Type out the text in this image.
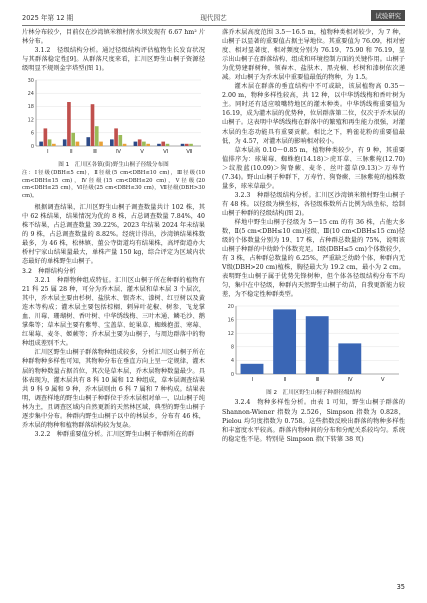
2025 年第 12 期	现代园艺	试验研究

片林分布较少，目前仅在沙湾镇米粮村南水坝发现有 6.67 hm² 片林分布。

3.1.2　径级结构分析。通过径级结构评估植物生长发育状况与其群落稳定性[9]。从群落尺度来看，汇川区野生山桐子资源径级明显不规则金字塔型(图 1)。

0
6
12
18
24
30
Ⅰ	Ⅱ	Ⅲ	Ⅳ	Ⅴ	Ⅵ	Ⅶ
图 1　汇川区各镇(街)野生山桐子径级分布图
注：Ⅰ径级(DBH≤5 cm)，Ⅱ径级(5 cm<DBH≤10 cm)，Ⅲ径级(10 cm<DBH≤15 cm)，Ⅳ径级(15 cm<DBH≤20 cm)，Ⅴ径级(20 cm<DBH≤25 cm)，Ⅵ径级(25 cm<DBH≤30 cm)，Ⅶ径级(DBH>30 cm)。

根据调查结果，汇川区野生山桐子调查数量共计 102 株，其中 62 株结果，结果情况为优的 8 株，占总调查数量 7.84%，40 株不结果，占总调查数量 39.22%，2023 年结果 2024 年未结果的 9 株，占总调查数量的 8.82%。经统计得出，沙湾镇结果株数最多，为 46 株，松林镇、董公寺街道均有结果株，高坪街道办大桥村宁家山结果量最大，单株产量 150 kg，综合评定为区域内状态最好的单株野生山桐子。

3.2　种群结构分析

3.2.1　种群物种组成特征。汇川区山桐子所在种群的植物有 21 科 25 属 28 种，可分为乔木层、灌木层和草本层 3 个层次，其中，乔木层主要由杉树、盐肤木、银杏木、漆树、红豆树以及黄连木等构成；灌木层主要包括棕榈、刺异叶花椒、树参、飞龙掌血、川莓、珊瑚树、香叶树、中华绣线梅、三叶木通、鳞毛沙、鹅掌柴等；草本层主要有紫萼、宝盖草、蛇果草、蜘蛛抱蛋、寒莓、红果莓、麦冬、姬蕨等；乔木层主要为山桐子，与周边群落中的物种组成差别不大。

汇川区野生山桐子群落物种组成较多，分析汇川区山桐子所在种群物种多样性可知，其物种分布在垂直方向上呈一定规律，灌木层的物种数量占据首位，其次是草本层，乔木层物种数量最少。具体表现为，灌木层共有 8 科 10 属和 12 种组成，草本层调查结果共 9 科 9 属和 9 种，乔木层则由 6 科 7 属和 7 种构成。结果表明，调查样地的野生山桐子种群位于乔木层相对单一，以山桐子纯林为主，且调查区域内自然更新的天然林区域，典型的野生山桐子逐步集中分布。种群内野生山桐子以中的林层乡，分布有 46 株，乔木层的物种和植物群落结构较为复杂。

3.2.2　种群重要值分析。汇川区野生山桐子种群所在的群

落乔木层高度范围 3.5～16.5 m，植物种类相对较少，为 7 种，山桐子以显著的重要值占据主导地位。其重要值为 76.09，相对密度、相对显著度、相对频度分别为 76.19、75.90 和 76.19，显示出山桐子在群落结构、组成和环境控制方面的关键作用。山桐子为优势建群树种，领春木、盐肤木、黑壳楠、杉树和漆树依次递减。对山桐子为乔木层中重要值最低的物种，为 1.5。

灌木层在群落的垂直结构中不可或缺，该层植物高 0.35～2.00 m，物种多样性较高，共 12 种，以中华绣线梅和香叶树为主。同时还有适应喷嘴特地区的灌木种类。中华绣线梅重要值为 16.19，成为灌木层的优势种，位居群落第二位，仅次于乔木层的山桐子。这表明中华绣线梅在群落中的繁殖和再生能力很强，对灌木层的生态功能具有重要贡献。相比之下，鸦雀花粉的重要值最低，为 4.57，对灌木层的影响相对较小。

草本层高 0.10～0.85 m，植物种类较少，有 9 种，其重要值排序为：球果莓、蜘蛛抱(14.18)＞虎耳草、三脉紫菀(12.70)＞纹股蓝(10.09)＞狗脊蕨、麦冬、丝叶薹草(9.13)＞万寿竹(7.34)。野山山桐子种群下，万寿竹、狗脊蕨、三脉紫菀的植株数量多，球米草最少。

3.2.3　种群径级结构分析。汇川区沙湾镇米粮村野生山桐子有 48 株。以径级为横坐标，各径级株数所占比例为纵坐标，绘制山桐子种群的径级结构(图 2)。

样地中野生山桐子径级为 5～15 cm 的有 36 株，占他大多数，Ⅱ(5 cm<DBH≤10 cm)径级、Ⅲ(10 cm<DBH≤15 cm)径级的个体数量分别为 19、17 株，占种群总数量的 75%，说明该山桐子种群的中幼龄个体数充足。Ⅰ级(DBH≤5 cm)个体数较少，有 3 株，占种群总数量的 6.25%，严重缺乏幼龄个体，种群内无Ⅴ级(DBH>20 cm)植株，胸径最大为 19.2 cm，最小为 2 cm。表明野生山桐子属于优势先锋树种，但个体各径级结构分布不均匀，集中在中径级，种群内天然野生山桐子幼苗，自我更新能力较差，为不稳定性种群类型。

0
4
8
12
16
20
Ⅰ	Ⅱ	Ⅲ	Ⅳ	Ⅴ
图 2　汇川区野生山桐子种群径级结构

3.2.4　物种多样性分析。由表 1 可知，野生山桐子群落的 Shannon-Wiener 指数为 2.526，Simpson 指数为 0.828，Pielou 均匀度指数为 0.758。这些指数反映出群落的物种多样性和丰富度水平较高。群落内物种间的分布和分配关系较均匀。系统的稳定性不是。特别是 Simpson 指(下转第 38 页)

35
